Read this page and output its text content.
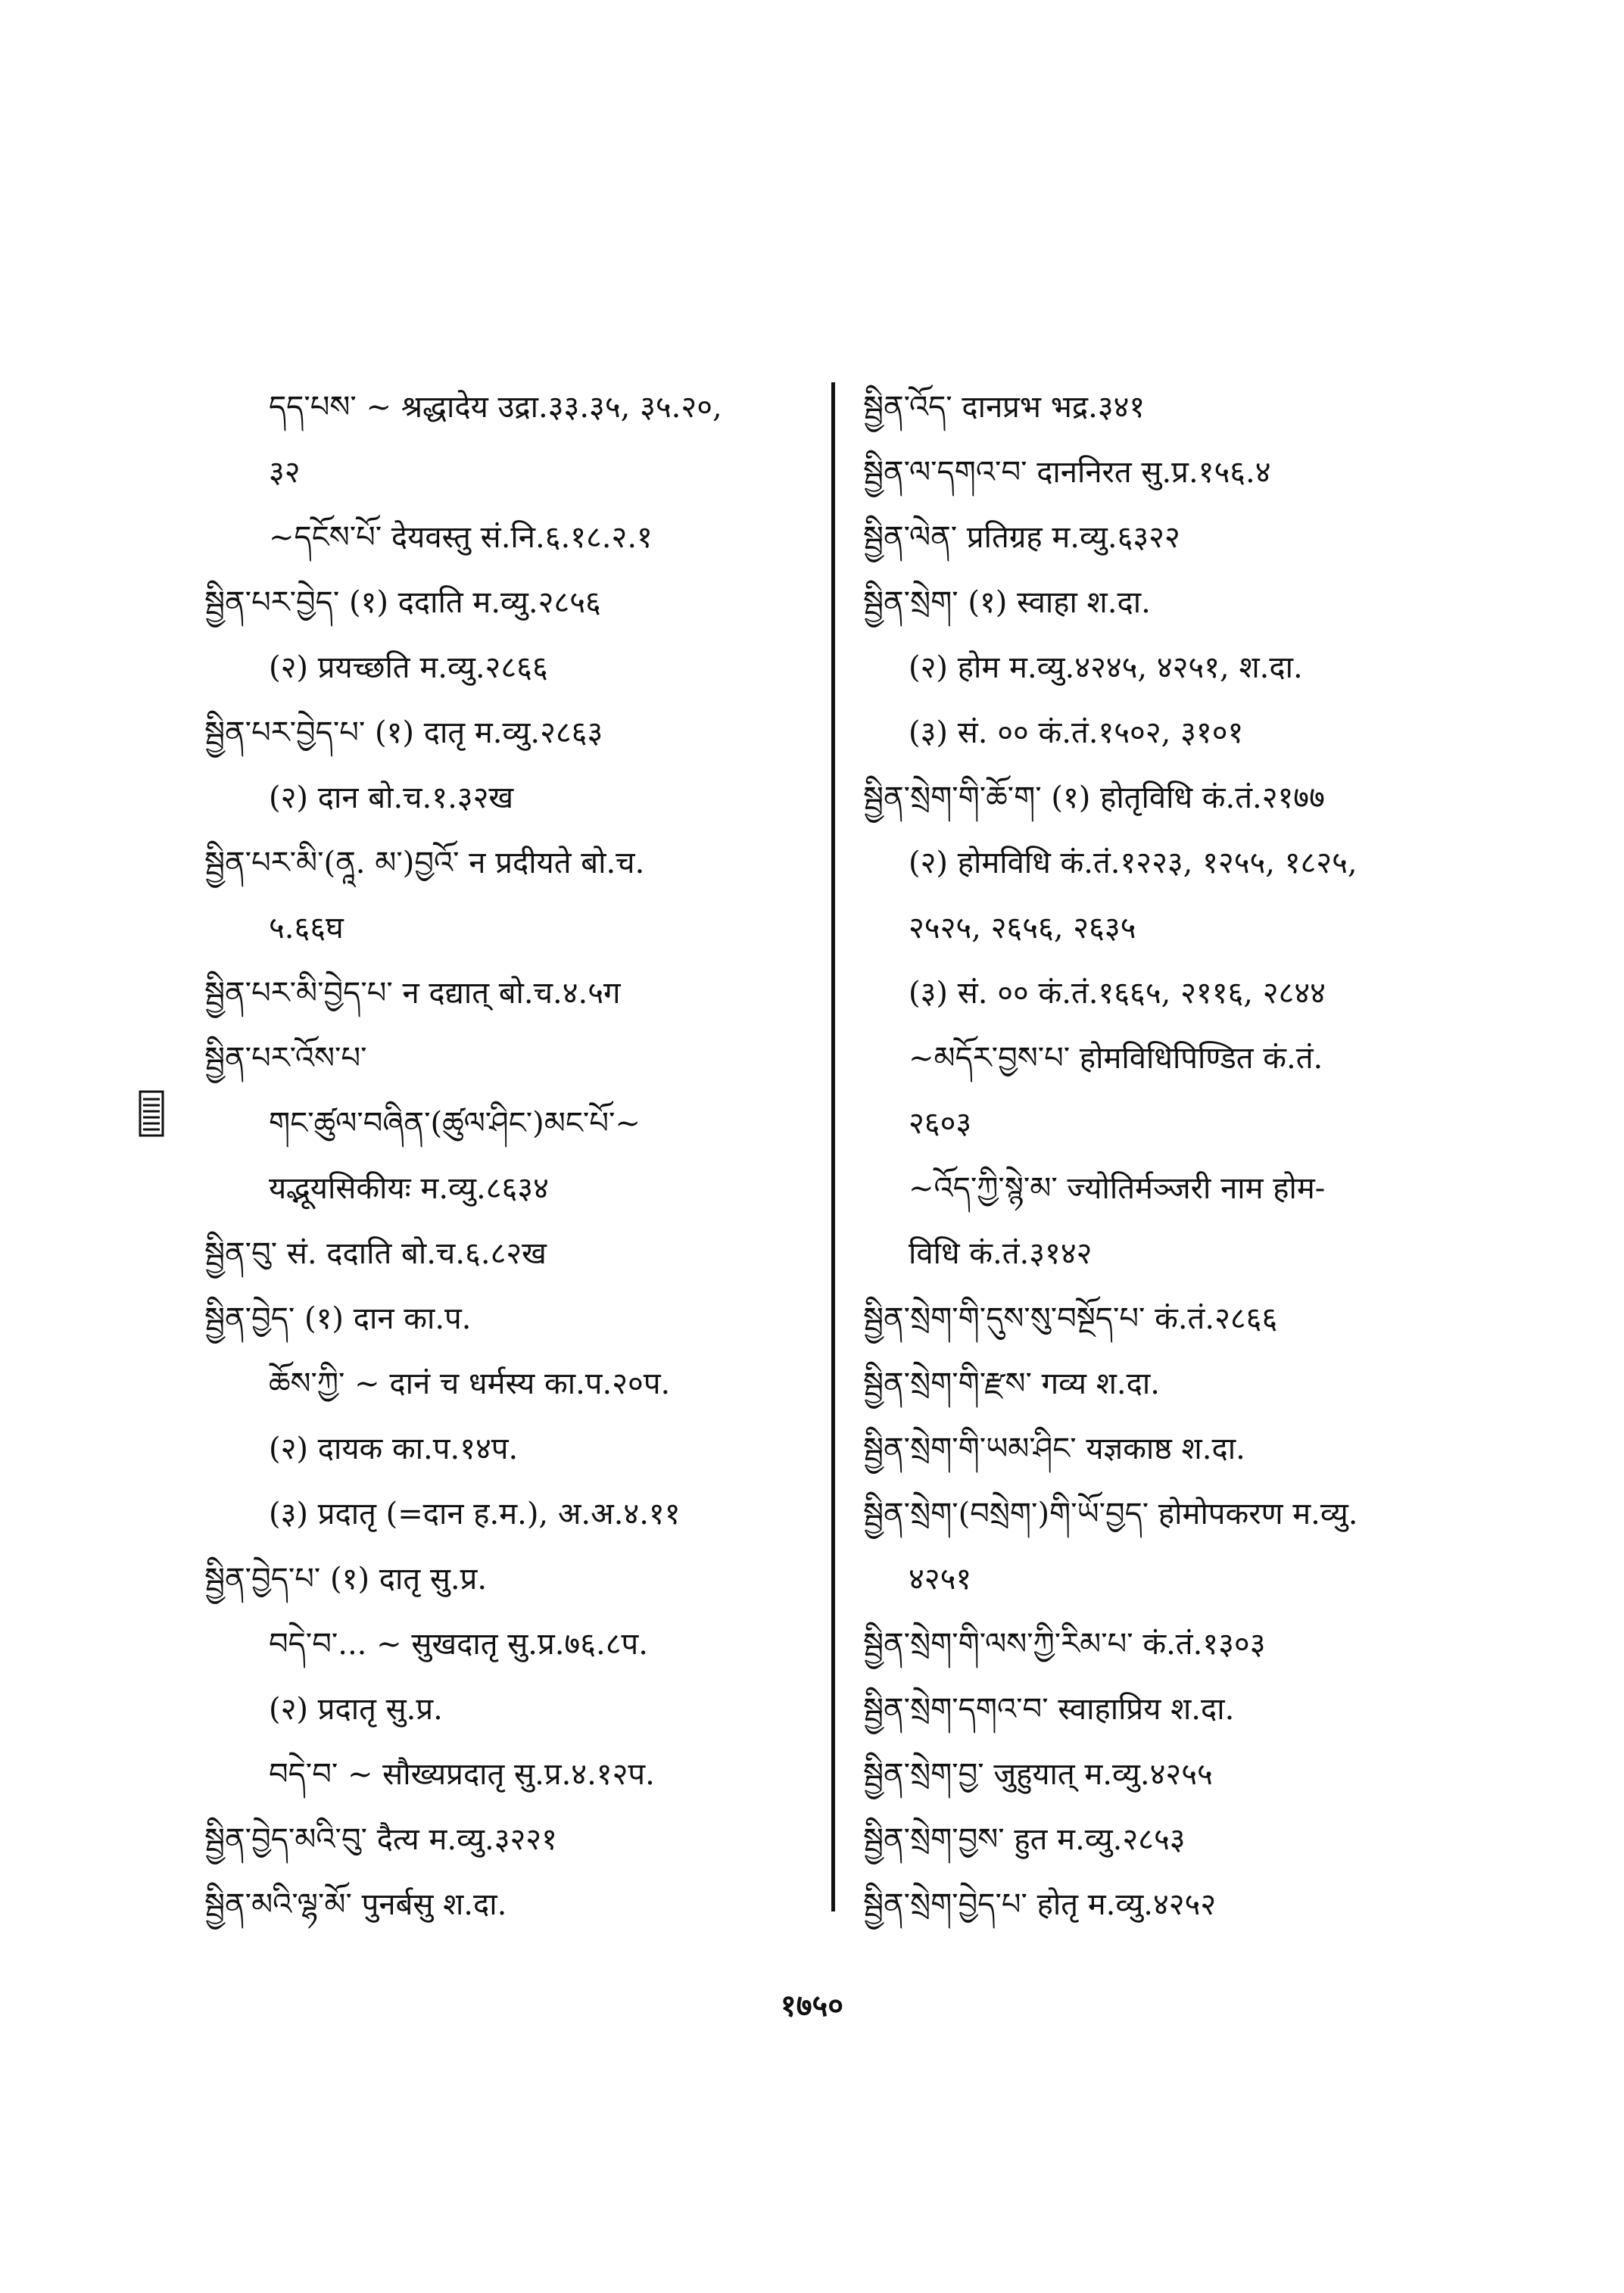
དད་པས་ ~ श्रद्धादेय उद्रा.३३.३५, ३५.२०,
३२
~དངོས་པོ་ देयवस्तु सं.नि.६.१८.२.१
སྦྱིན་པར་བྱེད་ (१) ददाति म.व्यु.२८५६
(२) प्रयच्छति म.व्यु.२८६६
སྦྱིན་པར་བྱེད་པ་ (१) दातृ म.व्यु.२८६३
(२) दान बो.च.१.३२ख
སྦྱིན་པར་མི་(ནཱ. མ་)བྱའོ་ न प्रदीयते बो.च.
५.६६घ
སྦྱིན་པར་མི་བྱེད་པ་ न दद्यात् बो.च.४.५ग
སྦྱིན་པར་འོས་པ་
གང་ཚུལ་བཞིན་(ཚུལ་ཤིང་)མང་པོ་~
यद्भूयसिकीयः म.व्यु.८६३४
སྦྱིན་བུ་ सं. ददाति बो.च.६.८२ख
སྦྱིན་བྱེད་ (१) दान का.प.
ཆོས་ཀྱི་ ~ दानं च धर्मस्य का.प.२०प.
(२) दायक का.प.१४प.
(३) प्रदातृ (=दान ह.म.), अ.अ.४.११
སྦྱིན་བྱེད་པ་ (१) दातृ सु.प्र.
བདེ་བ་... ~ सुखदातृ सु.प्र.७६.८प.
(२) प्रदातृ सु.प्र.
བདེ་བ་ ~ सौख्यप्रदातृ सु.प्र.४.१२प.
སྦྱིན་བྱེད་མའི་བུ་ दैत्य म.व्यु.३२२१
སྦྱིན་མའི་ལྷ་མོ་ पुनर्बसु श.दा.
སྦྱིན་འོད་ दानप्रभ भद्र.३४१
སྦྱིན་ལ་དགའ་བ་ दाननिरत सु.प्र.१५६.४
སྦྱིན་ལེན་ प्रतिग्रह म.व्यु.६३२२
སྦྱིན་སྲེག་ (१) स्वाहा श.दा.
(२) होम म.व्यु.४२४५, ४२५१, श.दा.
(३) सं. ०० कं.तं.१५०२, ३१०१
སྦྱིན་སྲེག་གི་ཆོ་ག་ (१) होतृविधि कं.तं.२१७७
(२) होमविधि कं.तं.१२२३, १२५५, १८२५,
२५२५, २६५६, २६३५
(३) सं. ०० कं.तं.१६६५, २११६, २८४४
~མདོར་བྱས་པ་ होमविधिपिण्डित कं.तं.
२६०३
~འོད་ཀྱི་སྙེ་མ་ ज्योतिर्मञ्जरी नाम होम-
विधि कं.तं.३१४२
སྦྱིན་སྲེག་གི་དུས་སུ་བསྔོད་པ་ कं.तं.२८६६
སྦྱིན་སྲེག་གི་རྫས་ गव्य श.दा.
སྦྱིན་སྲེག་གི་ཡམ་ཤིང་ यज्ञकाष्ठ श.दा.
སྦྱིན་སྲེག་(བསྲེག་)གི་ཡོ་བྱད་ होमोपकरण म.व्यु.
४२५१
སྦྱིན་སྲེག་གི་ལས་ཀྱི་རིམ་པ་ कं.तं.१३०३
སྦྱིན་སྲེག་དགའ་བ་ स्वाहाप्रिय श.दा.
སྦྱིན་སྲེག་བྱ་ जुहुयात् म.व्यु.४२५५
སྦྱིན་སྲེག་བྱས་ हुत म.व्यु.२८५३
སྦྱིན་སྲེག་བྱེད་པ་ होतृ म.व्यु.४२५२
१७५०
